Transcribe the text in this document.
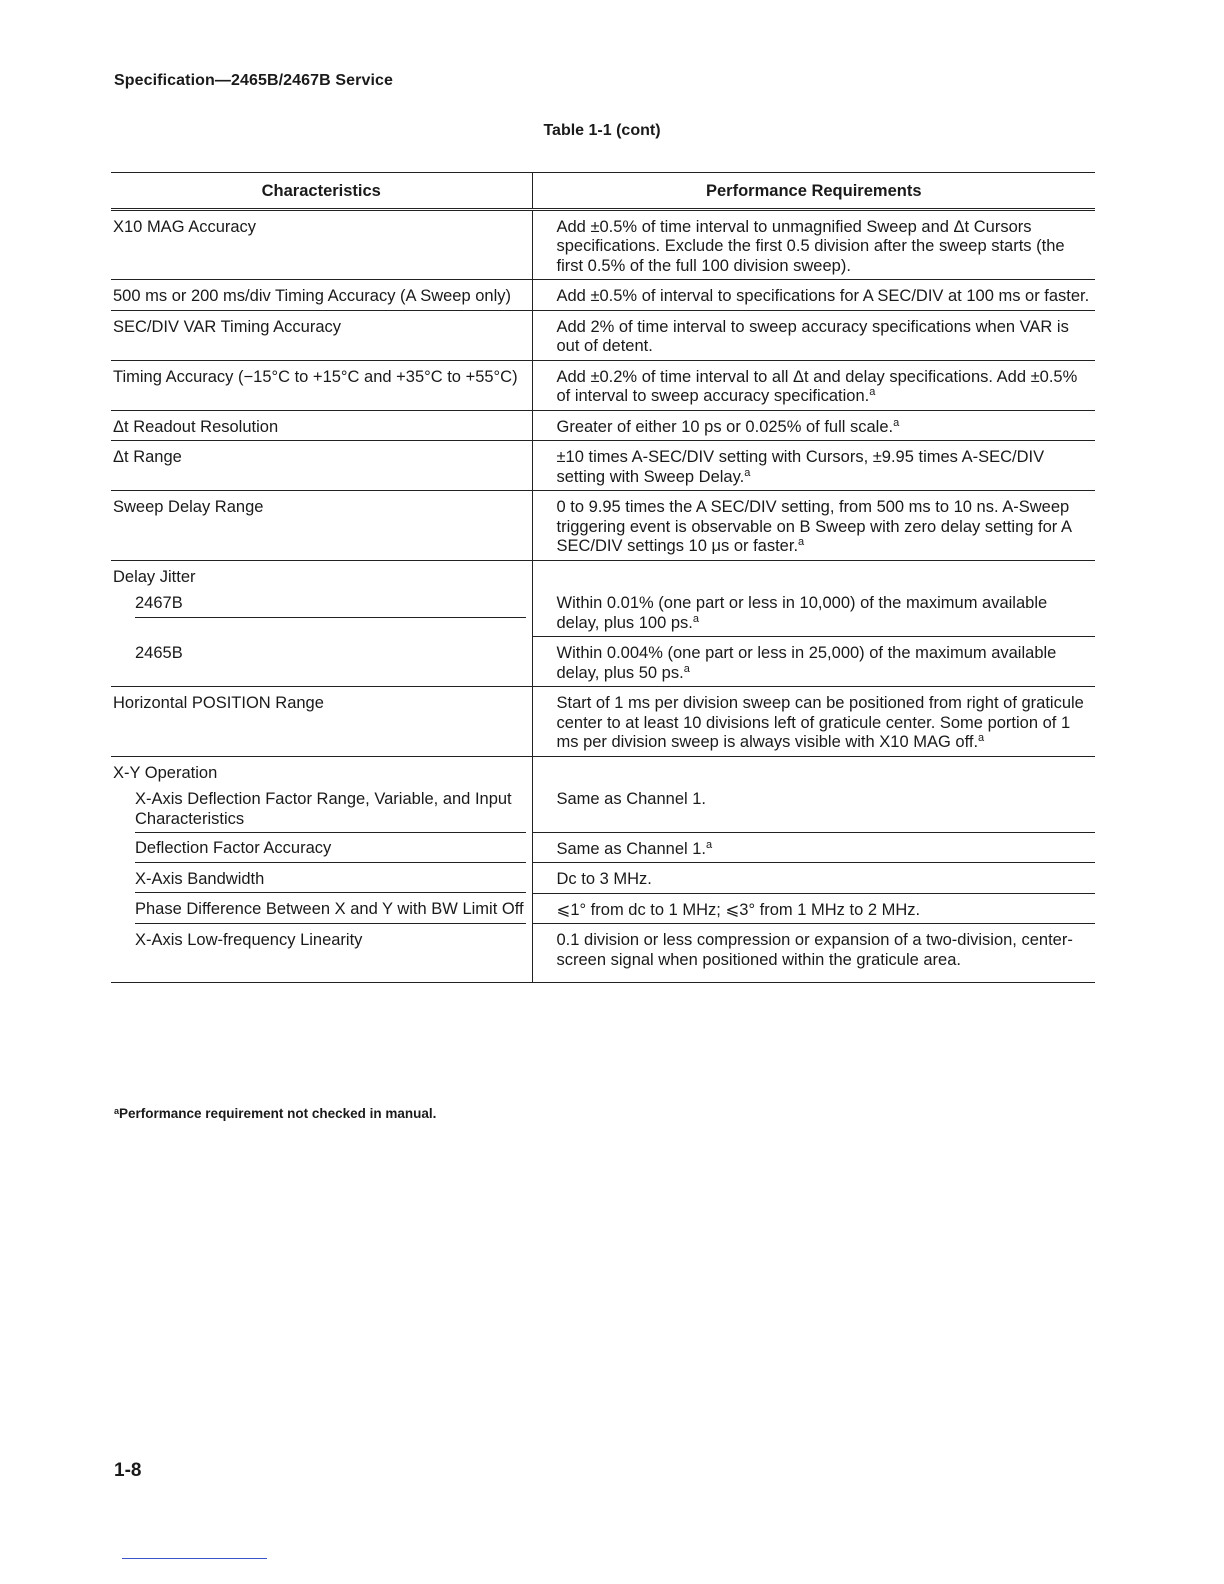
Specification—2465B/2467B Service
Table 1-1 (cont)
Characteristics	Performance Requirements
X10 MAG Accuracy	Add ±0.5% of time interval to unmagnified Sweep and Δt Cursors specifications. Exclude the first 0.5 division after the sweep starts (the first 0.5% of the full 100 division sweep).
500 ms or 200 ms/div Timing Accuracy (A Sweep only)	Add ±0.5% of interval to specifications for A SEC/DIV at 100 ms or faster.
SEC/DIV VAR Timing Accuracy	Add 2% of time interval to sweep accuracy specifications when VAR is out of detent.
Timing Accuracy (−15°C to +15°C and +35°C to +55°C)	Add ±0.2% of time interval to all Δt and delay specifications. Add ±0.5% of interval to sweep accuracy specification.$^a$
Δt Readout Resolution	Greater of either 10 ps or 0.025% of full scale.$^a$
Δt Range	±10 times A-SEC/DIV setting with Cursors, ±9.95 times A-SEC/DIV setting with Sweep Delay.$^a$
Sweep Delay Range	0 to 9.95 times the A SEC/DIV setting, from 500 ms to 10 ns. A-Sweep triggering event is observable on B Sweep with zero delay setting for A SEC/DIV settings 10 μs or faster.$^a$
Delay Jitter	

2467B	Within 0.01% (one part or less in 10,000) of the maximum available delay, plus 100 ps.$^a$
2465B	Within 0.004% (one part or less in 25,000) of the maximum available delay, plus 50 ps.$^a$
Horizontal POSITION Range	Start of 1 ms per division sweep can be positioned from right of graticule center to at least 10 divisions left of graticule center. Some portion of 1 ms per division sweep is always visible with X10 MAG off.$^a$
X-Y Operation	

X-Axis Deflection Factor Range, Variable, and Input Characteristics	Same as Channel 1.

Deflection Factor Accuracy	Same as Channel 1.$^a$

X-Axis Bandwidth	Dc to 3 MHz.

Phase Difference Between X and Y with BW Limit Off	⩽1° from dc to 1 MHz; ⩽3° from 1 MHz to 2 MHz.
X-Axis Low-frequency Linearity	0.1 division or less compression or expansion of a two-division, center-screen signal when positioned within the graticule area.
$^a$Performance requirement not checked in manual.
1-8
